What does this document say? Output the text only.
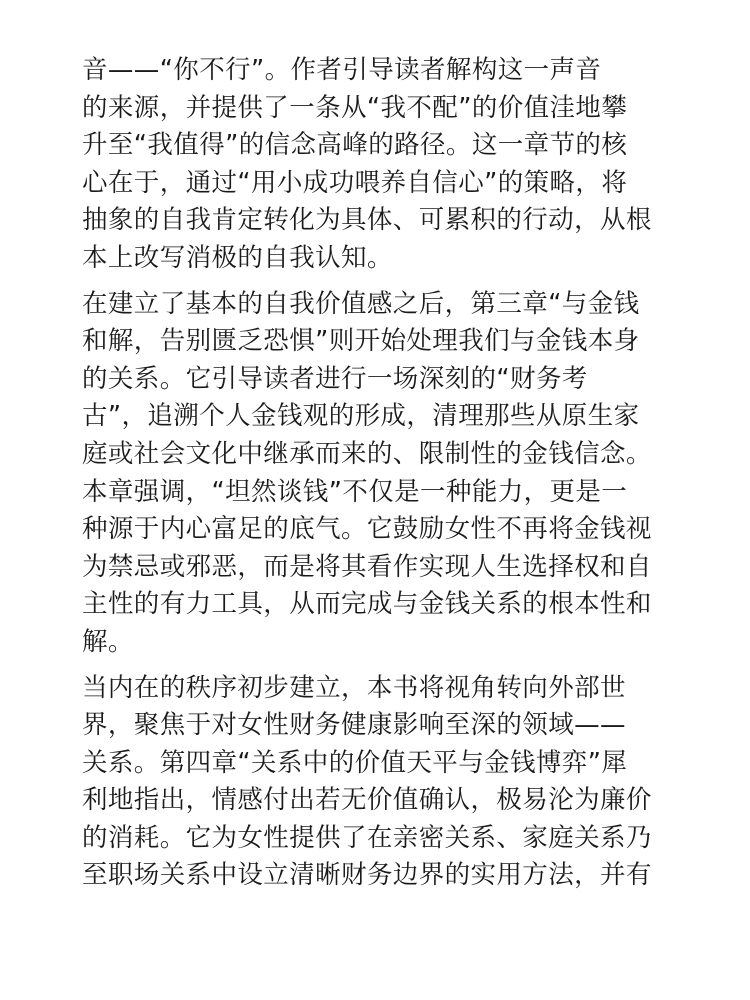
音——“你不行”。作者引导读者解构这一声音
的来源，并提供了一条从“我不配”的价值洼地攀
升至“我值得”的信念高峰的路径。这一章节的核
心在于，通过“用小成功喂养自信心”的策略，将
抽象的自我肯定转化为具体、可累积的行动，从根
本上改写消极的自我认知。

在建立了基本的自我价值感之后，第三章“与金钱
和解，告别匮乏恐惧”则开始处理我们与金钱本身
的关系。它引导读者进行一场深刻的“财务考
古”，追溯个人金钱观的形成，清理那些从原生家
庭或社会文化中继承而来的、限制性的金钱信念。
本章强调，“坦然谈钱”不仅是一种能力，更是一
种源于内心富足的底气。它鼓励女性不再将金钱视
为禁忌或邪恶，而是将其看作实现人生选择权和自
主性的有力工具，从而完成与金钱关系的根本性和
解。

当内在的秩序初步建立，本书将视角转向外部世
界，聚焦于对女性财务健康影响至深的领域——
关系。第四章“关系中的价值天平与金钱博弈”犀
利地指出，情感付出若无价值确认，极易沦为廉价
的消耗。它为女性提供了在亲密关系、家庭关系乃
至职场关系中设立清晰财务边界的实用方法，并有
